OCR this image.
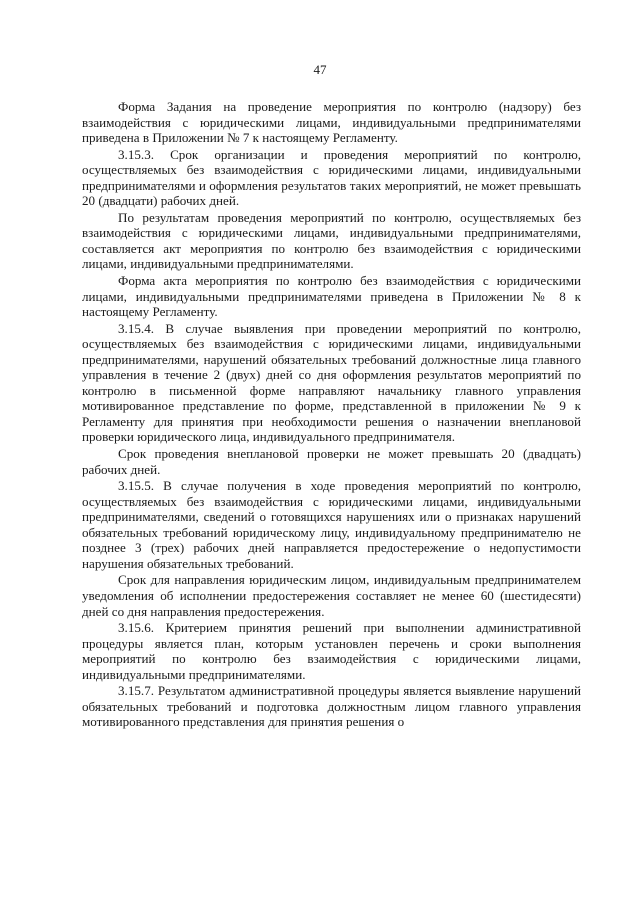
47

Форма Задания на проведение мероприятия по контролю (надзору) без взаимодействия с юридическими лицами, индивидуальными предпринимателями приведена в Приложении № 7 к настоящему Регламенту.

3.15.3. Срок организации и проведения мероприятий по контролю, осуществляемых без взаимодействия с юридическими лицами, индивидуальными предпринимателями и оформления результатов таких мероприятий, не может превышать 20 (двадцати) рабочих дней.

По результатам проведения мероприятий по контролю, осуществляемых без взаимодействия с юридическими лицами, индивидуальными предпринимателями, составляется акт мероприятия по контролю без взаимодействия с юридическими лицами, индивидуальными предпринимателями.

Форма акта мероприятия по контролю без взаимодействия с юридическими лицами, индивидуальными предпринимателями приведена в Приложении № 8 к настоящему Регламенту.

3.15.4. В случае выявления при проведении мероприятий по контролю, осуществляемых без взаимодействия с юридическими лицами, индивидуальными предпринимателями, нарушений обязательных требований должностные лица главного управления в течение 2 (двух) дней со дня оформления результатов мероприятий по контролю в письменной форме направляют начальнику главного управления мотивированное представление по форме, представленной в приложении № 9 к Регламенту для принятия при необходимости решения о назначении внеплановой проверки юридического лица, индивидуального предпринимателя.

Срок проведения внеплановой проверки не может превышать 20 (двадцать) рабочих дней.

3.15.5. В случае получения в ходе проведения мероприятий по контролю, осуществляемых без взаимодействия с юридическими лицами, индивидуальными предпринимателями, сведений о готовящихся нарушениях или о признаках нарушений обязательных требований юридическому лицу, индивидуальному предпринимателю не позднее 3 (трех) рабочих дней направляется предостережение о недопустимости нарушения обязательных требований.

Срок для направления юридическим лицом, индивидуальным предпринимателем уведомления об исполнении предостережения составляет не менее 60 (шестидесяти) дней со дня направления предостережения.

3.15.6. Критерием принятия решений при выполнении административной процедуры является план, которым установлен перечень и сроки выполнения мероприятий по контролю без взаимодействия с юридическими лицами, индивидуальными предпринимателями.

3.15.7. Результатом административной процедуры является выявление нарушений обязательных требований и подготовка должностным лицом главного управления мотивированного представления для принятия решения о
